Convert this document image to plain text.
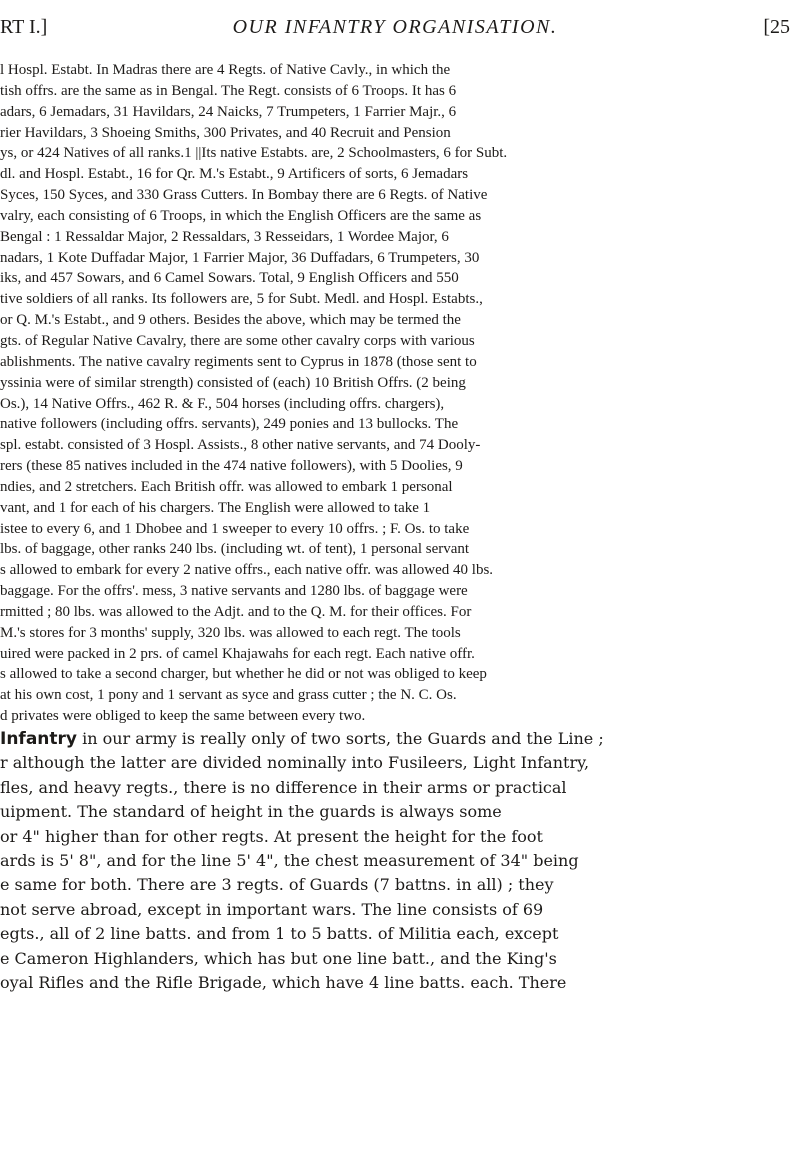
RT I.]	OUR INFANTRY ORGANISATION.	[25
l Hospl. Estabt. In Madras there are 4 Regts. of Native Cavly., in which the
tish offrs. are the same as in Bengal. The Regt. consists of 6 Troops. It has 6
adars, 6 Jemadars, 31 Havildars, 24 Naicks, 7 Trumpeters, 1 Farrier Majr., 6
rier Havildars, 3 Shoeing Smiths, 300 Privates, and 40 Recruit and Pension
ys, or 424 Natives of all ranks.1 ||Its native Estabts. are, 2 Schoolmasters, 6 for Subt.
dl. and Hospl. Estabt., 16 for Qr. M.'s Estabt., 9 Artificers of sorts, 6 Jemadars
Syces, 150 Syces, and 330 Grass Cutters. In Bombay there are 6 Regts. of Native
valry, each consisting of 6 Troops, in which the English Officers are the same as
Bengal : 1 Ressaldar Major, 2 Ressaldars, 3 Resseidars, 1 Wordee Major, 6
nadars, 1 Kote Duffadar Major, 1 Farrier Major, 36 Duffadars, 6 Trumpeters, 30
iks, and 457 Sowars, and 6 Camel Sowars. Total, 9 English Officers and 550
tive soldiers of all ranks. Its followers are, 5 for Subt. Medl. and Hospl. Estabts.,
or Q. M.'s Estabt., and 9 others. Besides the above, which may be termed the
gts. of Regular Native Cavalry, there are some other cavalry corps with various
ablishments. The native cavalry regiments sent to Cyprus in 1878 (those sent to
yssinia were of similar strength) consisted of (each) 10 British Offrs. (2 being
Os.), 14 Native Offrs., 462 R. & F., 504 horses (including offrs. chargers),
native followers (including offrs. servants), 249 ponies and 13 bullocks. The
spl. estabt. consisted of 3 Hospl. Assists., 8 other native servants, and 74 Dooly-
rers (these 85 natives included in the 474 native followers), with 5 Doolies, 9
ndies, and 2 stretchers. Each British offr. was allowed to embark 1 personal
vant, and 1 for each of his chargers. The English were allowed to take 1
istee to every 6, and 1 Dhobee and 1 sweeper to every 10 offrs. ; F. Os. to take
lbs. of baggage, other ranks 240 lbs. (including wt. of tent), 1 personal servant
s allowed to embark for every 2 native offrs., each native offr. was allowed 40 lbs.
baggage. For the offrs'. mess, 3 native servants and 1280 lbs. of baggage were
rmitted ; 80 lbs. was allowed to the Adjt. and to the Q. M. for their offices. For
M.'s stores for 3 months' supply, 320 lbs. was allowed to each regt. The tools
uired were packed in 2 prs. of camel Khajawahs for each regt. Each native offr.
s allowed to take a second charger, but whether he did or not was obliged to keep
at his own cost, 1 pony and 1 servant as syce and grass cutter ; the N. C. Os.
d privates were obliged to keep the same between every two.
Infantry in our army is really only of two sorts, the Guards and the Line ;
r although the latter are divided nominally into Fusileers, Light Infantry,
fles, and heavy regts., there is no difference in their arms or practical
uipment. The standard of height in the guards is always some
or 4" higher than for other regts. At present the height for the foot
ards is 5' 8", and for the line 5' 4", the chest measurement of 34" being
e same for both. There are 3 regts. of Guards (7 battns. in all) ; they
not serve abroad, except in important wars. The line consists of 69
egts., all of 2 line batts. and from 1 to 5 batts. of Militia each, except
e Cameron Highlanders, which has but one line batt., and the King's
oyal Rifles and the Rifle Brigade, which have 4 line batts. each. There
